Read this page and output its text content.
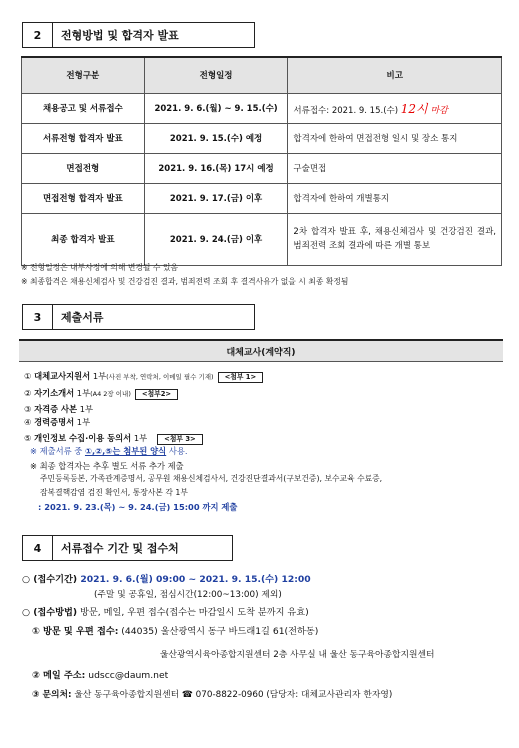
2	전형방법 및 합격자 발표
전형구분	전형일정	비고
채용공고 및 서류접수	2021. 9. 6.(월) ~ 9. 15.(수)	서류접수: 2021. 9. 15.(수) 12시 마감
서류전형 합격자 발표	2021. 9. 15.(수) 예정	합격자에 한하여 면접전형 일시 및 장소 통지
면접전형	2021. 9. 16.(목) 17시 예정	구술면접
면접전형 합격자 발표	2021. 9. 17.(금) 이후	합격자에 한하여 개별통지
최종 합격자 발표	2021. 9. 24.(금) 이후	2차 합격자 발표 후, 채용신체검사 및 건강검진 결과, 범죄전력 조회 결과에 따른 개별 통보
※ 전형일정은 내부사정에 의해 변경될 수 있음
※ 최종합격은 채용신체검사 및 건강검진 결과, 범죄전력 조회 후 결격사유가 없을 시 최종 확정됨
3	제출서류
대체교사(계약직)
① 대체교사지원서 1부(사진 부착, 연락처, 이메일 필수 기재) <첨부 1>
② 자기소개서 1부(A4 2장 이내) <첨부2>
③ 자격증 사본 1부
④ 경력증명서 1부
⑤ 개인정보 수집·이용 동의서 1부	<첨부 3>
※ 제출서류 중 ①,②,⑤는 첨부된 양식 사용.
※ 최종 합격자는 추후 별도 서류 추가 제출
주민등록등본, 가족관계증명서, 공무원 채용신체검사서, 건강진단결과서(구보건증), 보수교육 수료증,
잠복결핵감염 검진 확인서, 통장사본 각 1부
: 2021. 9. 23.(목) ~ 9. 24.(금) 15:00 까지 제출
4	서류접수 기간 및 접수처
○ (접수기간) 2021. 9. 6.(월) 09:00 ~ 2021. 9. 15.(수) 12:00
(주말 및 공휴일, 점심시간(12:00~13:00) 제외)
○ (접수방법) 방문, 메일, 우편 접수(접수는 마감일시 도착 분까지 유효)
① 방문 및 우편 접수: (44035) 울산광역시 동구 바드래1길 61(전하동)
울산광역시육아종합지원센터 2층 사무실 내 울산 동구육아종합지원센터
② 메일 주소: udscc@daum.net
③ 문의처: 울산 동구육아종합지원센터 ☎ 070-8822-0960 (담당자: 대체교사관리자 한자영)
